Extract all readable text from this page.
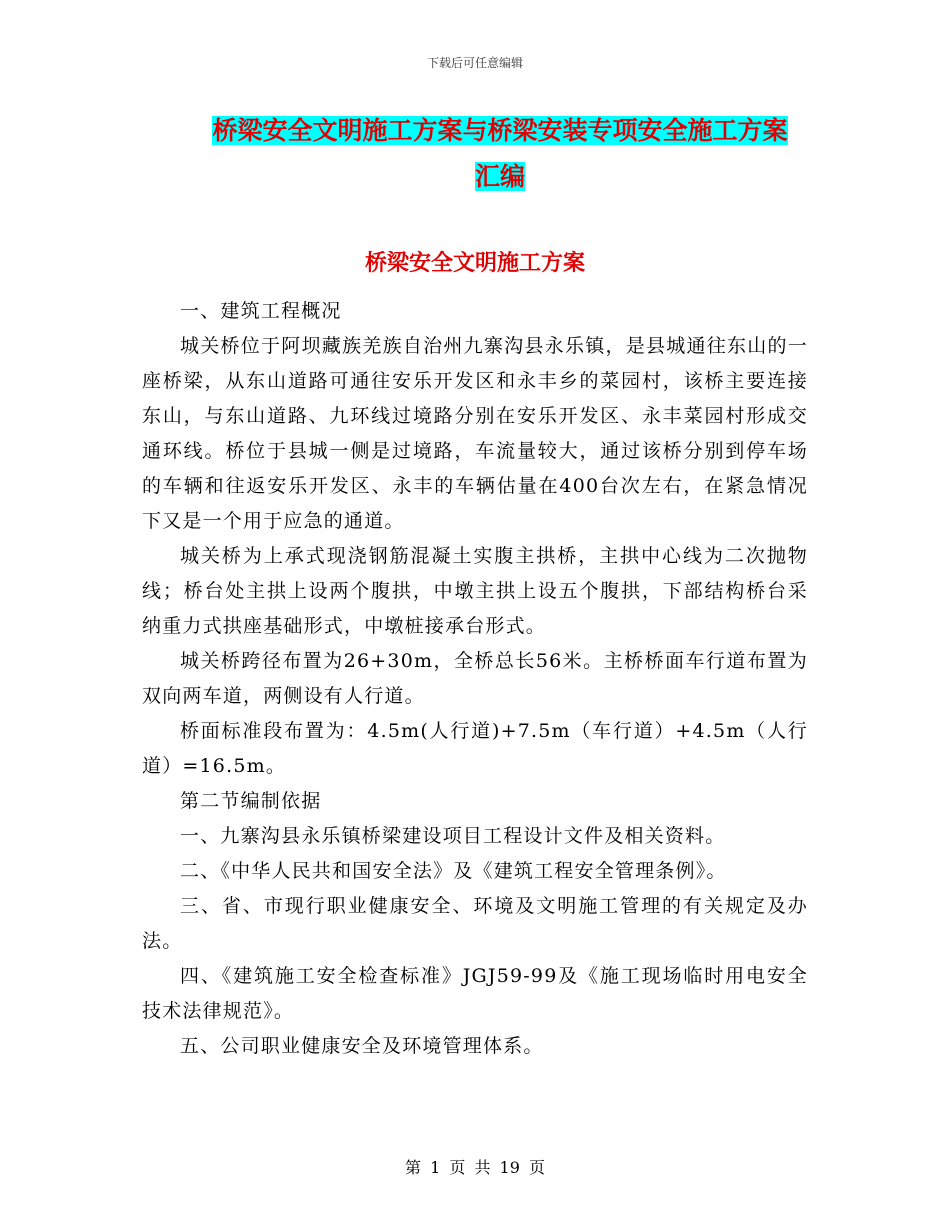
下载后可任意编辑
桥梁安全文明施工方案与桥梁安装专项安全施工方案
汇编
桥梁安全文明施工方案

一、建筑工程概况

城关桥位于阿坝藏族羌族自治州九寨沟县永乐镇，是县城通往东山的一座桥梁，从东山道路可通往安乐开发区和永丰乡的菜园村，该桥主要连接东山，与东山道路、九环线过境路分别在安乐开发区、永丰菜园村形成交通环线。桥位于县城一侧是过境路，车流量较大，通过该桥分别到停车场的车辆和往返安乐开发区、永丰的车辆估量在400台次左右，在紧急情况下又是一个用于应急的通道。

城关桥为上承式现浇钢筋混凝土实腹主拱桥，主拱中心线为二次抛物线；桥台处主拱上设两个腹拱，中墩主拱上设五个腹拱，下部结构桥台采纳重力式拱座基础形式，中墩桩接承台形式。

城关桥跨径布置为26+30m，全桥总长56米。主桥桥面车行道布置为双向两车道，两侧设有人行道。

桥面标准段布置为：4.5m(人行道)+7.5m（车行道）+4.5m（人行道）=16.5m。

第二节编制依据

一、九寨沟县永乐镇桥梁建设项目工程设计文件及相关资料。

二、《中华人民共和国安全法》及《建筑工程安全管理条例》。

三、省、市现行职业健康安全、环境及文明施工管理的有关规定及办法。

四、《建筑施工安全检查标准》JGJ59-99及《施工现场临时用电安全技术法律规范》。

五、公司职业健康安全及环境管理体系。

第 1 页 共 19 页
